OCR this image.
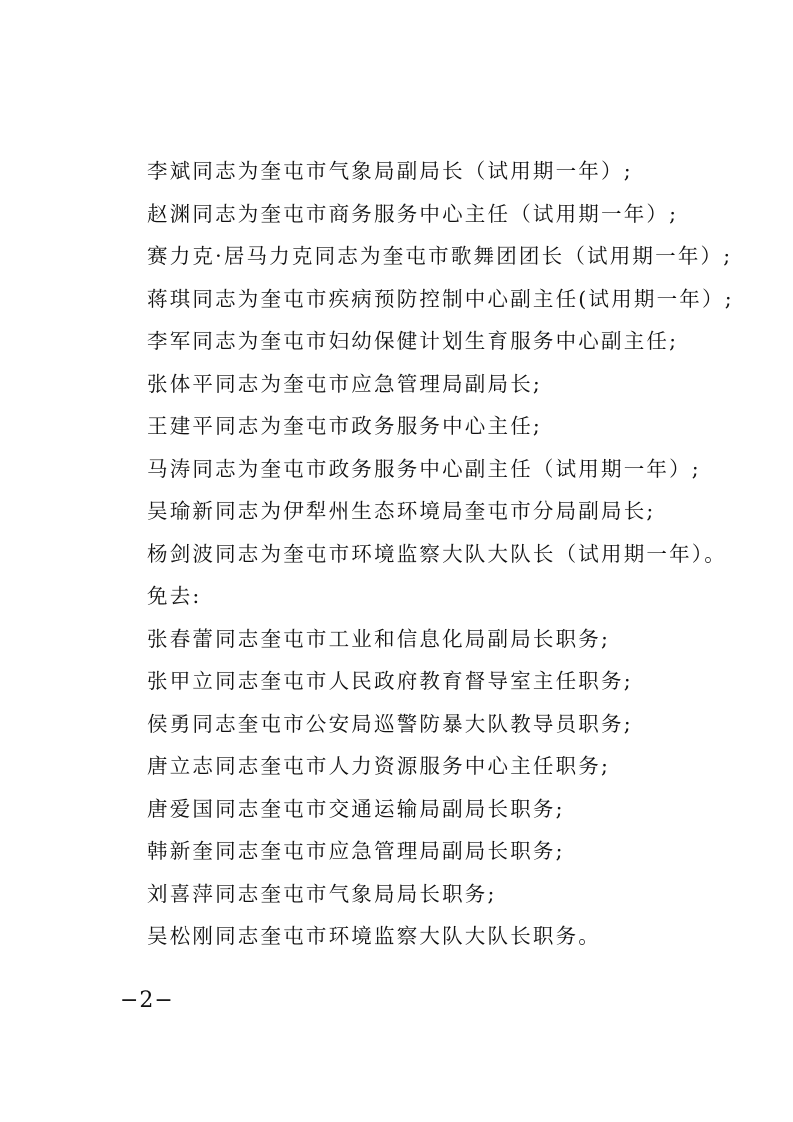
李斌同志为奎屯市气象局副局长（试用期一年）;
赵渊同志为奎屯市商务服务中心主任（试用期一年）;
赛力克·居马力克同志为奎屯市歌舞团团长（试用期一年）;
蒋琪同志为奎屯市疾病预防控制中心副主任(试用期一年）;
李军同志为奎屯市妇幼保健计划生育服务中心副主任;
张体平同志为奎屯市应急管理局副局长;
王建平同志为奎屯市政务服务中心主任;
马涛同志为奎屯市政务服务中心副主任（试用期一年）;
吴瑜新同志为伊犁州生态环境局奎屯市分局副局长;
杨剑波同志为奎屯市环境监察大队大队长（试用期一年）。
免去:
张春蕾同志奎屯市工业和信息化局副局长职务;
张甲立同志奎屯市人民政府教育督导室主任职务;
侯勇同志奎屯市公安局巡警防暴大队教导员职务;
唐立志同志奎屯市人力资源服务中心主任职务;
唐爱国同志奎屯市交通运输局副局长职务;
韩新奎同志奎屯市应急管理局副局长职务;
刘喜萍同志奎屯市气象局局长职务;
吴松刚同志奎屯市环境监察大队大队长职务。
−2−
